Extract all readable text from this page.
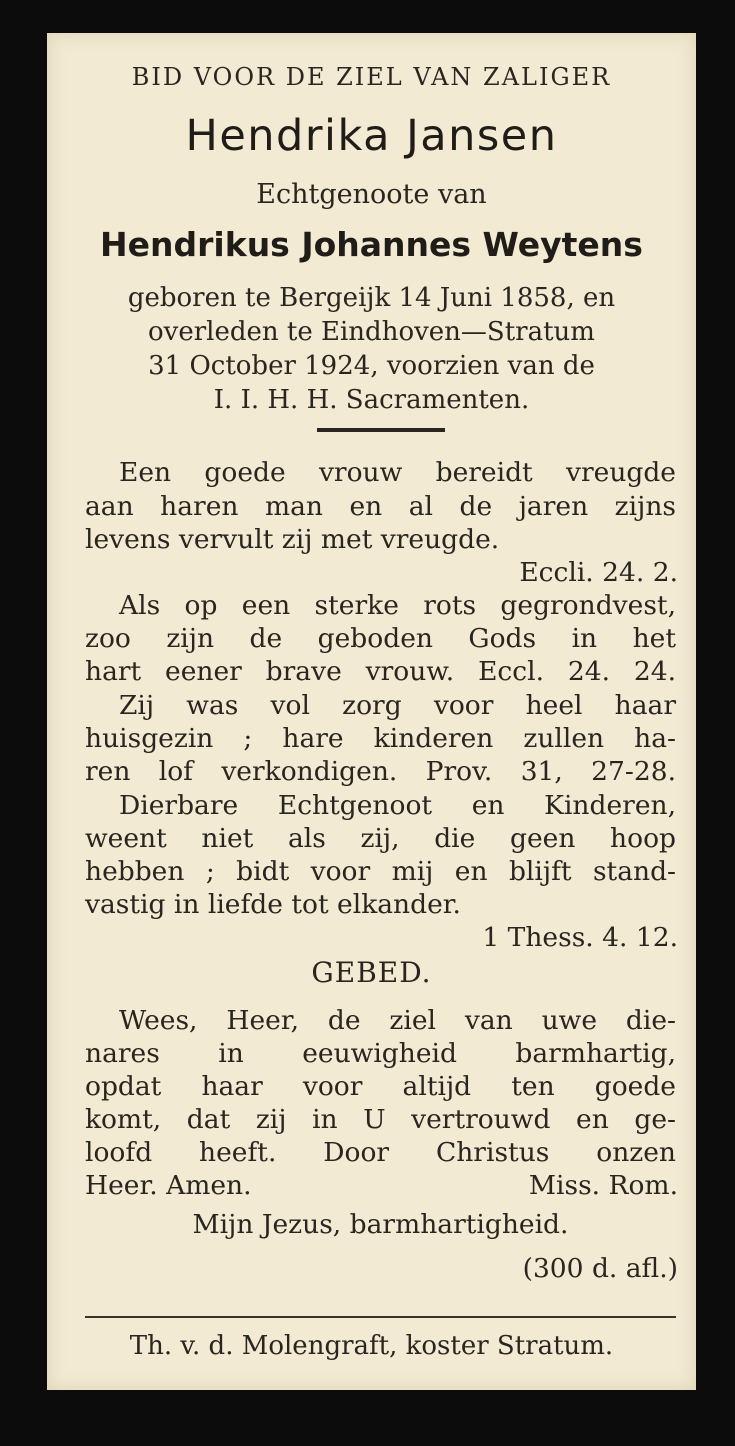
BID VOOR DE ZIEL VAN ZALIGER
Hendrika Jansen
Echtgenoote van
Hendrikus Johannes Weytens
geboren te Bergeijk 14 Juni 1858, en
overleden te Eindhoven—Stratum
31 October 1924, voorzien van de
I. I. H. H. Sacramenten.
Een goede vrouw bereidt vreugde
aan haren man en al de jaren zijns
levens vervult zij met vreugde.
Eccli. 24. 2.
Als op een sterke rots gegrondvest,
zoo zijn de geboden Gods in het
hart eener brave vrouw. Eccl. 24. 24.
Zij was vol zorg voor heel haar
huisgezin ; hare kinderen zullen ha-
ren lof verkondigen. Prov. 31, 27-28.
Dierbare Echtgenoot en Kinderen,
weent niet als zij, die geen hoop
hebben ; bidt voor mij en blijft stand-
vastig in liefde tot elkander.
1 Thess. 4. 12.
GEBED.
Wees, Heer, de ziel van uwe die-
nares in eeuwigheid barmhartig,
opdat haar voor altijd ten goede
komt, dat zij in U vertrouwd en ge-
loofd heeft. Door Christus onzen
Heer. Amen.	Miss. Rom.
Mijn Jezus, barmhartigheid.
(300 d. afl.)
Th. v. d. Molengraft, koster Stratum.
